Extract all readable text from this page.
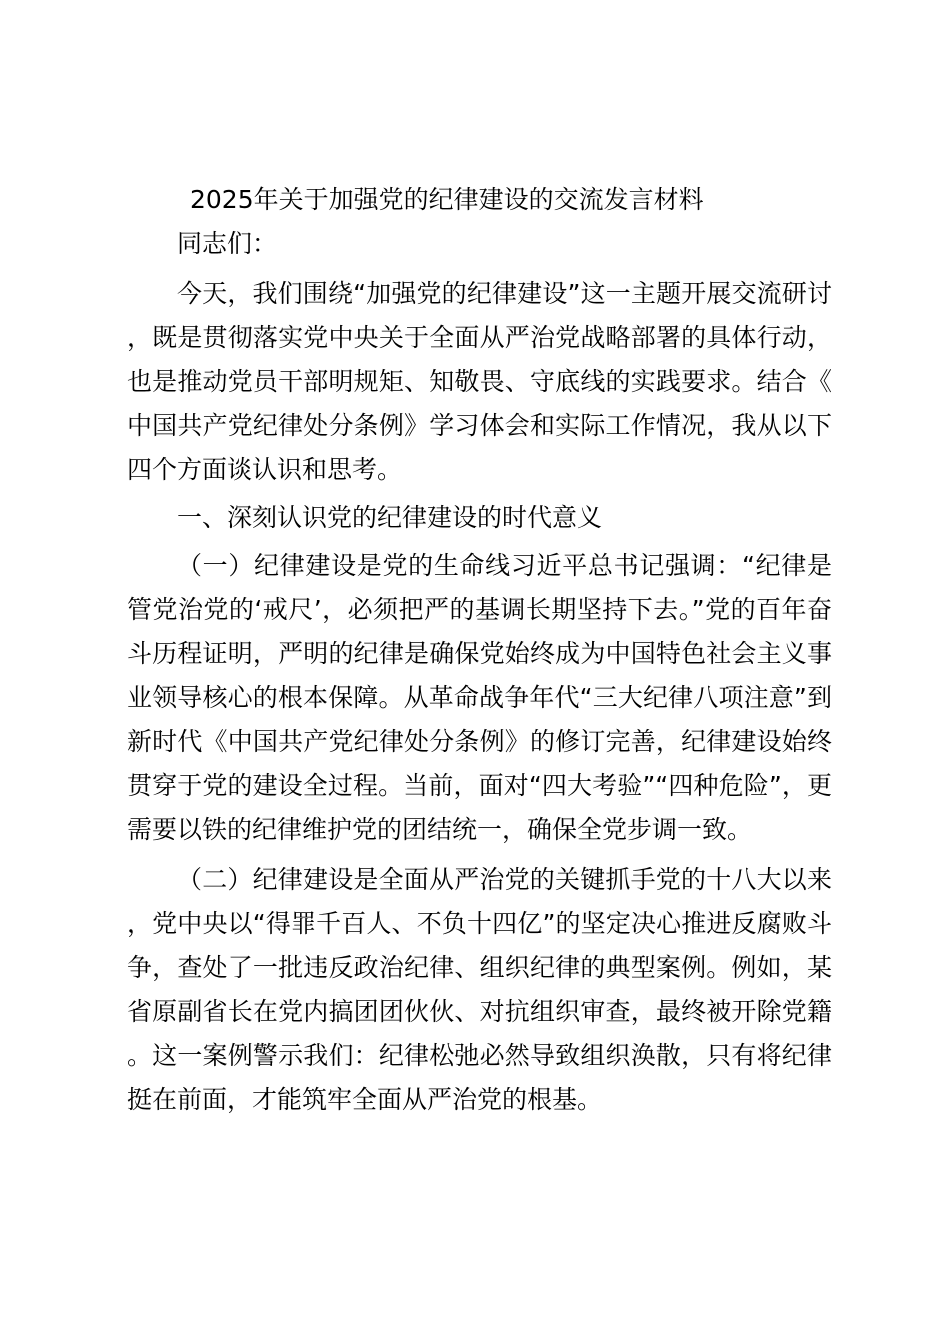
2025年关于加强党的纪律建设的交流发言材料

同志们：

今天，我们围绕“加强党的纪律建设”这一主题开展交流研讨，既是贯彻落实党中央关于全面从严治党战略部署的具体行动，也是推动党员干部明规矩、知敬畏、守底线的实践要求。结合《中国共产党纪律处分条例》学习体会和实际工作情况，我从以下四个方面谈认识和思考。

一、深刻认识党的纪律建设的时代意义

（一）纪律建设是党的生命线习近平总书记强调：“纪律是管党治党的‘戒尺’，必须把严的基调长期坚持下去。”党的百年奋斗历程证明，严明的纪律是确保党始终成为中国特色社会主义事业领导核心的根本保障。从革命战争年代“三大纪律八项注意”到新时代《中国共产党纪律处分条例》的修订完善，纪律建设始终贯穿于党的建设全过程。当前，面对“四大考验”“四种危险”，更需要以铁的纪律维护党的团结统一，确保全党步调一致。

（二）纪律建设是全面从严治党的关键抓手党的十八大以来，党中央以“得罪千百人、不负十四亿”的坚定决心推进反腐败斗争，查处了一批违反政治纪律、组织纪律的典型案例。例如，某省原副省长在党内搞团团伙伙、对抗组织审查，最终被开除党籍。这一案例警示我们：纪律松弛必然导致组织涣散，只有将纪律挺在前面，才能筑牢全面从严治党的根基。
